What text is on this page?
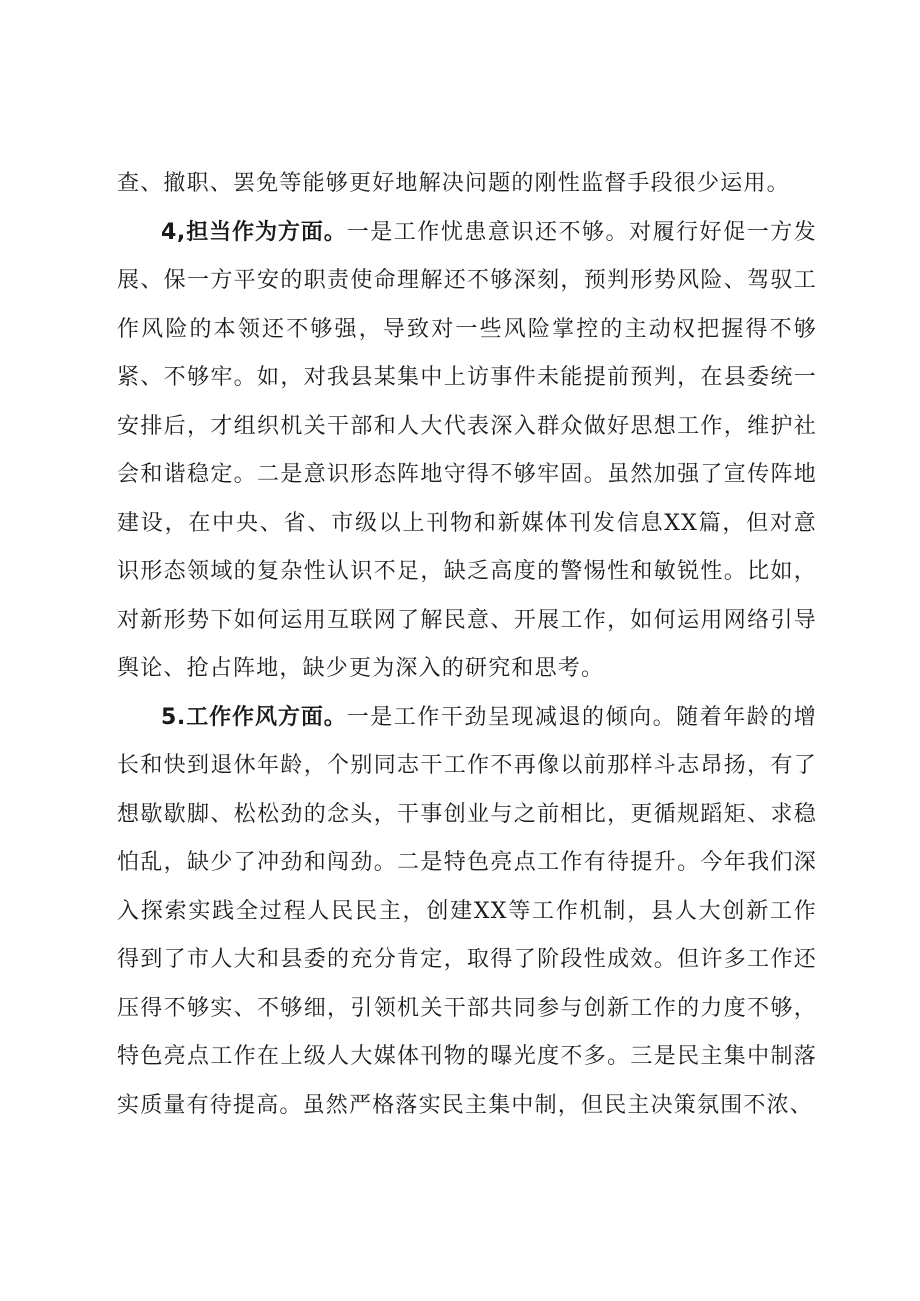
查、撤职、罢免等能够更好地解决问题的刚性监督手段很少运用。

4,担当作为方面。一是工作忧患意识还不够。对履行好促一方发展、保一方平安的职责使命理解还不够深刻，预判形势风险、驾驭工作风险的本领还不够强，导致对一些风险掌控的主动权把握得不够紧、不够牢。如，对我县某集中上访事件未能提前预判，在县委统一安排后，才组织机关干部和人大代表深入群众做好思想工作，维护社会和谐稳定。二是意识形态阵地守得不够牢固。虽然加强了宣传阵地建设，在中央、省、市级以上刊物和新媒体刊发信息XX篇，但对意识形态领域的复杂性认识不足，缺乏高度的警惕性和敏锐性。比如，对新形势下如何运用互联网了解民意、开展工作，如何运用网络引导舆论、抢占阵地，缺少更为深入的研究和思考。

5.工作作风方面。一是工作干劲呈现减退的倾向。随着年龄的增长和快到退休年龄，个别同志干工作不再像以前那样斗志昂扬，有了想歇歇脚、松松劲的念头，干事创业与之前相比，更循规蹈矩、求稳怕乱，缺少了冲劲和闯劲。二是特色亮点工作有待提升。今年我们深入探索实践全过程人民民主，创建XX等工作机制，县人大创新工作得到了市人大和县委的充分肯定，取得了阶段性成效。但许多工作还压得不够实、不够细，引领机关干部共同参与创新工作的力度不够，特色亮点工作在上级人大媒体刊物的曝光度不多。三是民主集中制落实质量有待提高。虽然严格落实民主集中制，但民主决策氛围不浓、
